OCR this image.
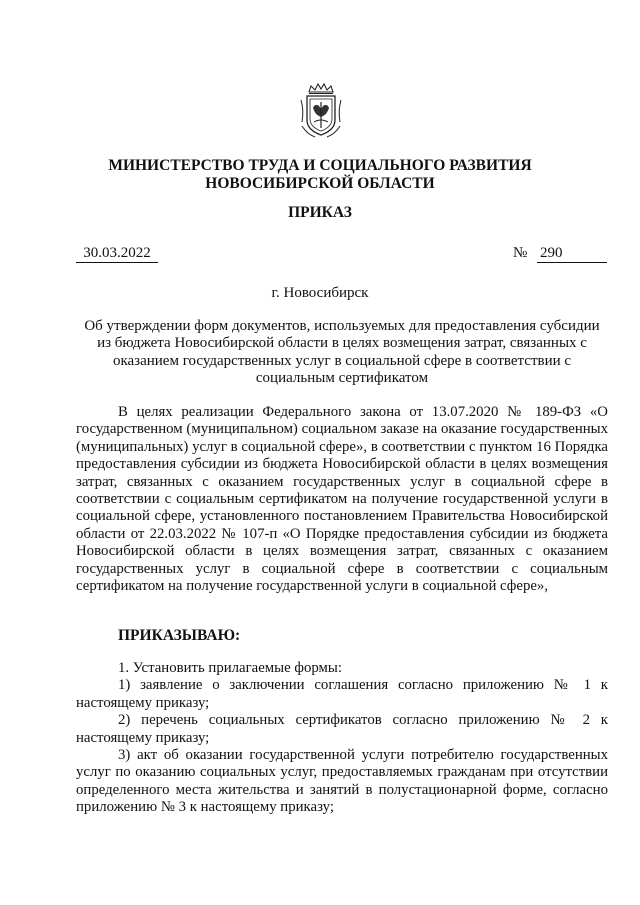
МИНИСТЕРСТВО ТРУДА И СОЦИАЛЬНОГО РАЗВИТИЯ
НОВОСИБИРСКОЙ ОБЛАСТИ
ПРИКАЗ
30.03.2022	№ 290
г. Новосибирск
Об утверждении форм документов, используемых для предоставления субсидии из бюджета Новосибирской области в целях возмещения затрат, связанных с оказанием государственных услуг в социальной сфере в соответствии с социальным сертификатом
В целях реализации Федерального закона от 13.07.2020 № 189-ФЗ «О государственном (муниципальном) социальном заказе на оказание государственных (муниципальных) услуг в социальной сфере», в соответствии с пунктом 16 Порядка предоставления субсидии из бюджета Новосибирской области в целях возмещения затрат, связанных с оказанием государственных услуг в социальной сфере в соответствии с социальным сертификатом на получение государственной услуги в социальной сфере, установленного постановлением Правительства Новосибирской области от 22.03.2022 № 107-п «О Порядке предоставления субсидии из бюджета Новосибирской области в целях возмещения затрат, связанных с оказанием государственных услуг в социальной сфере в соответствии с социальным сертификатом на получение государственной услуги в социальной сфере»,
ПРИКАЗЫВАЮ:

1. Установить прилагаемые формы:

1) заявление о заключении соглашения согласно приложению № 1 к настоящему приказу;

2) перечень социальных сертификатов согласно приложению № 2 к настоящему приказу;

3) акт об оказании государственной услуги потребителю государственных услуг по оказанию социальных услуг, предоставляемых гражданам при отсутствии определенного места жительства и занятий в полустационарной форме, согласно приложению № 3 к настоящему приказу;
